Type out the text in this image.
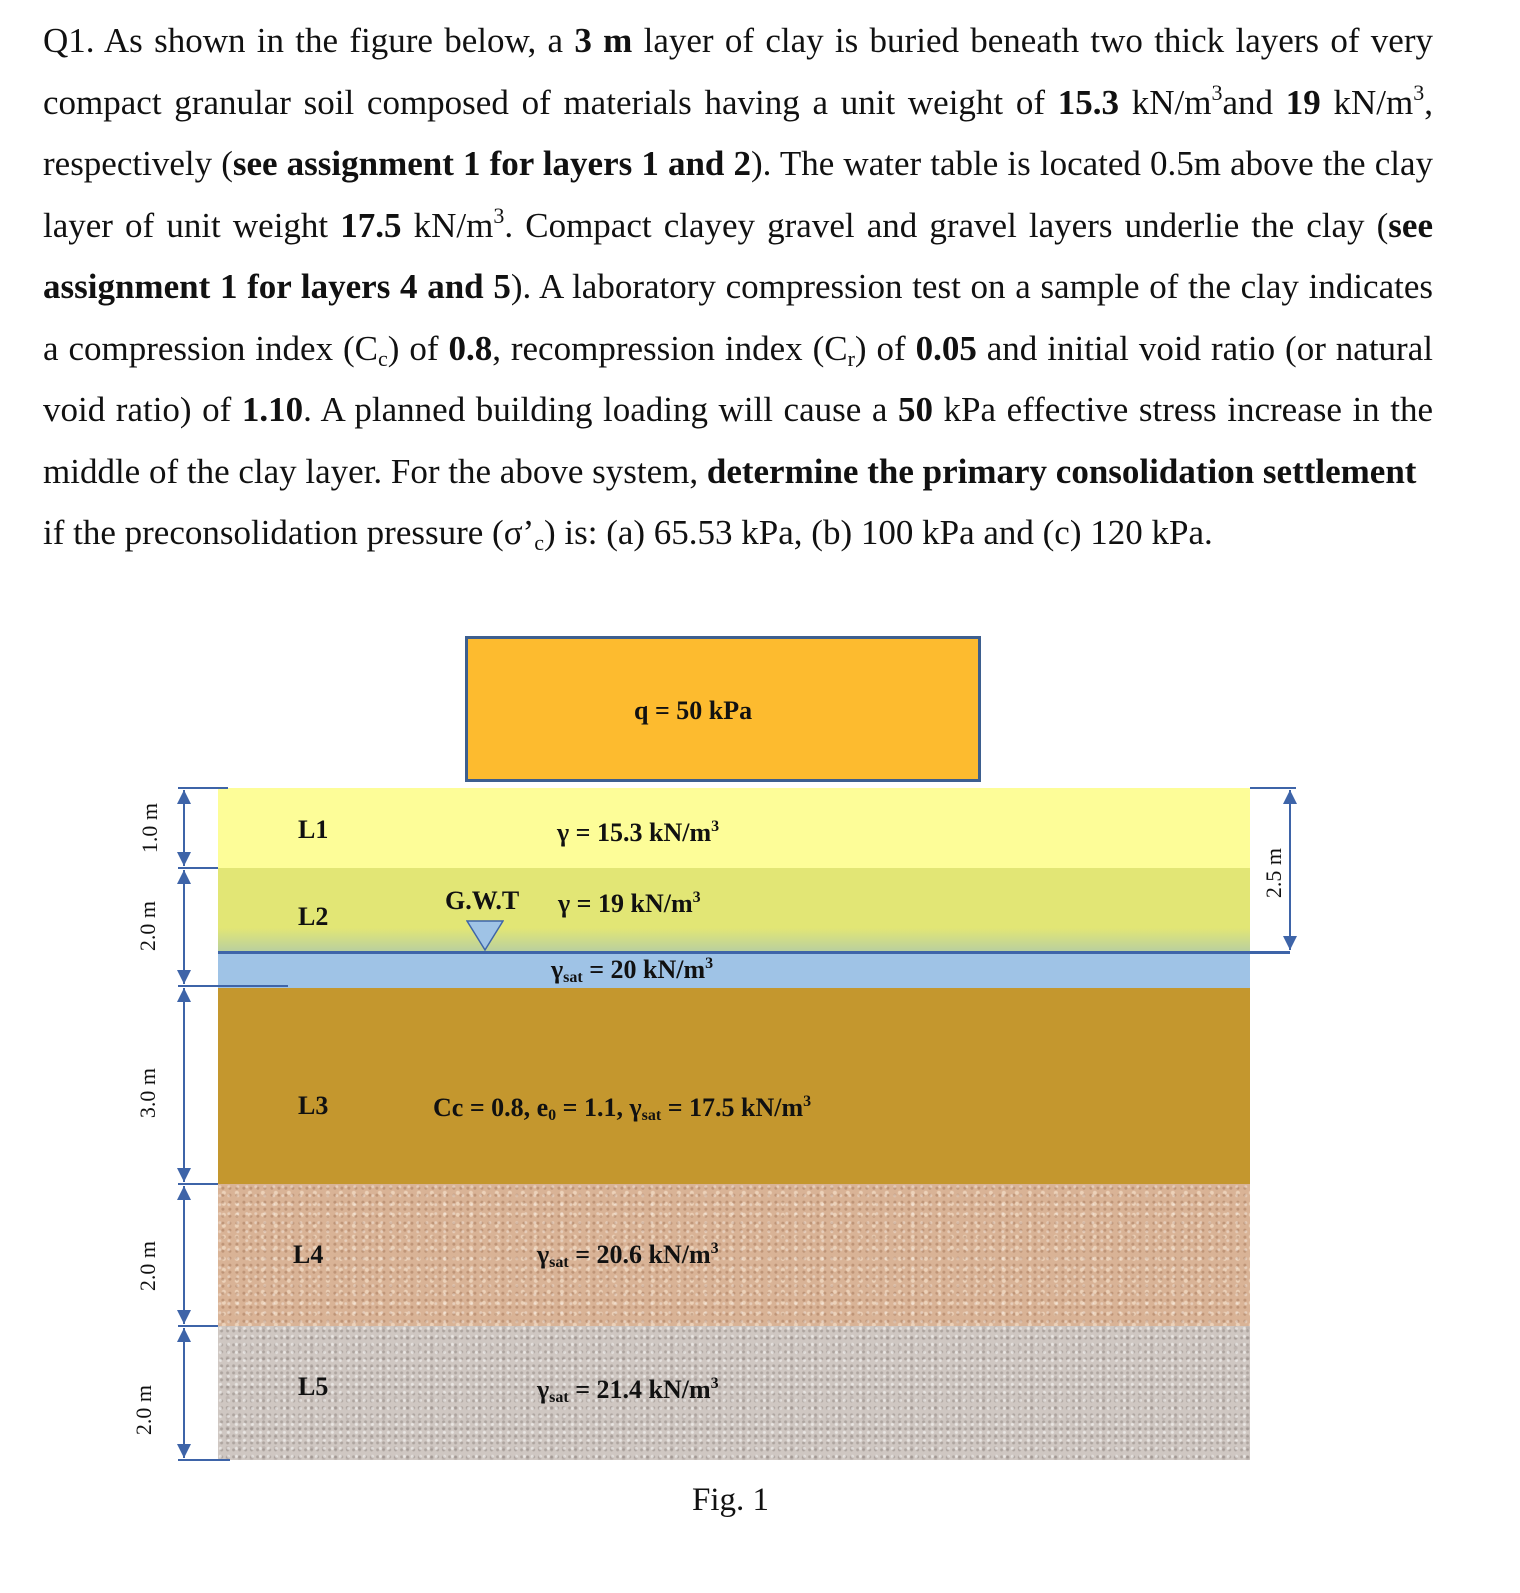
Q1. As shown in the figure below, a 3 m layer of clay is buried beneath two thick layers of very
compact granular soil composed of materials having a unit weight of 15.3 $kN/m^3and$ 19 $kN/m^3$,
respectively (see assignment 1 for layers 1 and 2). The water table is located 0.5m above the clay
layer of unit weight 17.5 $kN/m^3$. Compact clayey gravel and gravel layers underlie the clay (see
assignment 1 for layers 4 and 5). A laboratory compression test on a sample of the clay indicates
a compression index $(C_c)$ of 0.8, recompression index $(C_r)$ of 0.05 and initial void ratio (or natural
void ratio) of 1.10. A planned building loading will cause a 50 kPa effective stress increase in the
middle of the clay layer. For the above system, determine the primary consolidation settlement
if the preconsolidation pressure $(\sigma’_c)$ is: (a) 65.53 kPa, (b) 100 kPa and (c) 120 kPa.
q = 50 kPa
L1	γ = 15.3 $kN/m^3$
L2
G.W.T γ = 19 $kN/m^3$
γsat = 20 $kN/m^3$
L3	Cc = 0.8, e0 = 1.1, γsat = 17.5 $kN/m^3$
L4	γsat = 20.6 $kN/m^3$
L5	γsat = 21.4 $kN/m^3$
1.0 m
2.0 m
3.0 m
2.0 m
2.0 m
2.5 m
Fig. 1
